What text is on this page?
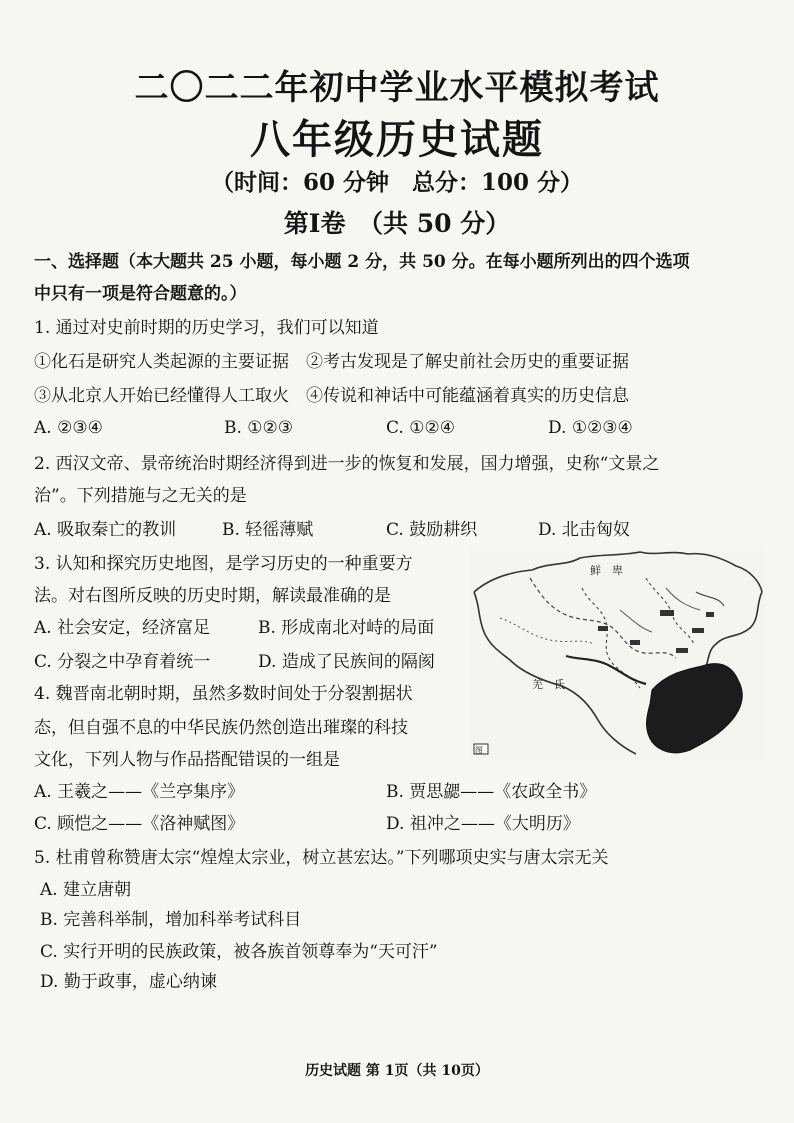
二〇二二年初中学业水平模拟考试
八年级历史试题
（时间：60 分钟　总分：100 分）
第Ⅰ卷　（共 50 分）
一、选择题（本大题共 25 小题，每小题 2 分，共 50 分。在每小题所列出的四个选项
中只有一项是符合题意的。）
1. 通过对史前时期的历史学习，我们可以知道
①化石是研究人类起源的主要证据　②考古发现是了解史前社会历史的重要证据
③从北京人开始已经懂得人工取火　④传说和神话中可能蕴涵着真实的历史信息
A. ②③④	B. ①②③	C. ①②④	D. ①②③④
2. 西汉文帝、景帝统治时期经济得到进一步的恢复和发展，国力增强，史称“文景之
治”。下列措施与之无关的是
A. 吸取秦亡的教训	B. 轻徭薄赋	C. 鼓励耕织	D. 北击匈奴
3. 认知和探究历史地图，是学习历史的一种重要方
法。对右图所反映的历史时期，解读最准确的是
A. 社会安定，经济富足	B. 形成南北对峙的局面
C. 分裂之中孕育着统一	D. 造成了民族间的隔阂
鲜　卑
羌　氐
图
4. 魏晋南北朝时期，虽然多数时间处于分裂割据状
态，但自强不息的中华民族仍然创造出璀璨的科技
文化，下列人物与作品搭配错误的一组是
A. 王羲之——《兰亭集序》	B. 贾思勰——《农政全书》
C. 顾恺之——《洛神赋图》	D. 祖冲之——《大明历》
5. 杜甫曾称赞唐太宗“煌煌太宗业，树立甚宏达。”下列哪项史实与唐太宗无关
A. 建立唐朝
B. 完善科举制，增加科举考试科目
C. 实行开明的民族政策，被各族首领尊奉为“天可汗”
D. 勤于政事，虚心纳谏
历史试题 第 1页（共 10页）
